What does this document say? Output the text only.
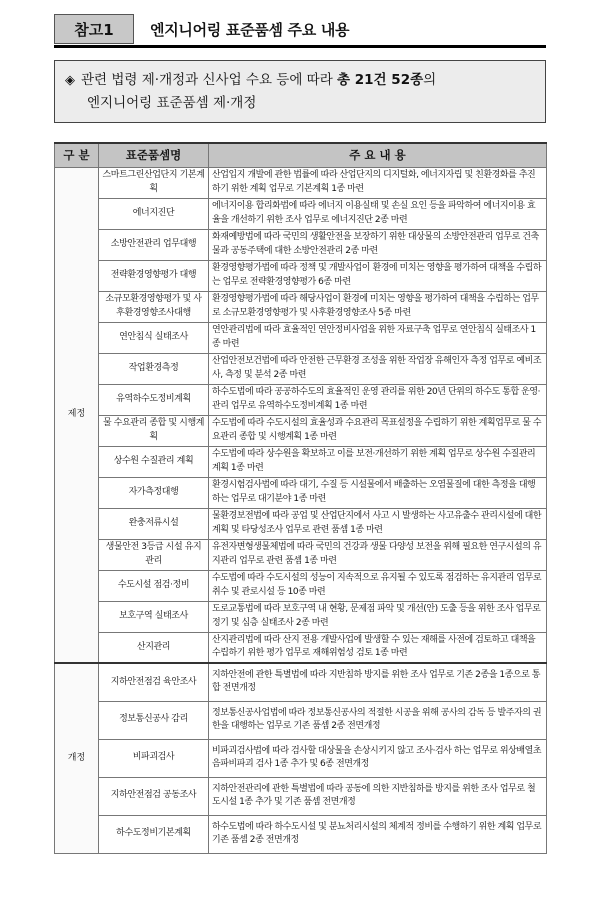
참고1	엔지니어링 표준품셈 주요 내용
◈ 관련 법령 제·개정과 신사업 수요 등에 따라 총 21건 52종의
엔지니어링 표준품셈 제·개정
구 분	표준품셈명	주 요 내 용
제정	스마트그린산업단지 기본계획	산업입지 개발에 관한 법률에 따라 산업단지의 디지털화, 에너지자립 및 친환경화를 추진하기 위한 계획 업무로 기본계획 1종 마련
	에너지진단	에너지이용 합리화법에 따라 에너지 이용실태 및 손실 요인 등을 파악하여 에너지이용 효율을 개선하기 위한 조사 업무로 에너지진단 2종 마련
	소방안전관리 업무대행	화재예방법에 따라 국민의 생활안전을 보장하기 위한 대상물의 소방안전관리 업무로 건축물과 공동주택에 대한 소방안전관리 2종 마련
	전략환경영향평가 대행	환경영향평가법에 따라 정책 및 개발사업이 환경에 미치는 영향을 평가하여 대책을 수립하는 업무로 전략환경영향평가 6종 마련
	소규모환경영향평가 및 사후환경영향조사대행	환경영향평가법에 따라 해당사업이 환경에 미치는 영향을 평가하여 대책을 수립하는 업무로 소규모환경영향평가 및 사후환경영향조사 5종 마련
	연안침식 실태조사	연안관리법에 따라 효율적인 연안정비사업을 위한 자료구축 업무로 연안침식 실태조사 1종 마련
	작업환경측정	산업안전보건법에 따라 안전한 근무환경 조성을 위한 작업장 유해인자 측정 업무로 예비조사, 측정 및 분석 2종 마련
	유역하수도정비계획	하수도법에 따라 공공하수도의 효율적인 운영 관리를 위한 20년 단위의 하수도 통합 운영·관리 업무로 유역하수도정비계획 1종 마련
	물 수요관리 종합 및 시행계획	수도법에 따라 수도시설의 효율성과 수요관리 목표설정을 수립하기 위한 계획업무로 물 수요관리 종합 및 시행계획 1종 마련
	상수원 수질관리 계획	수도법에 따라 상수원을 확보하고 이를 보전·개선하기 위한 계획 업무로 상수원 수질관리계획 1종 마련
	자가측정대행	환경시험검사법에 따라 대기, 수질 등 시설물에서 배출하는 오염물질에 대한 측정을 대행하는 업무로 대기분야 1종 마련
	완충저류시설	물환경보전법에 따라 공업 및 산업단지에서 사고 시 발생하는 사고유출수 관리시설에 대한 계획 및 타당성조사 업무로 관련 품셈 1종 마련
	생물안전 3등급 시설 유지관리	유전자변형생물체법에 따라 국민의 건강과 생물 다양성 보전을 위해 필요한 연구시설의 유지관리 업무로 관련 품셈 1종 마련
	수도시설 점검·정비	수도법에 따라 수도시설의 성능이 지속적으로 유지될 수 있도록 점검하는 유지관리 업무로 취수 및 관로시설 등 10종 마련
	보호구역 실태조사	도로교통법에 따라 보호구역 내 현황, 문제점 파악 및 개선(안) 도출 등을 위한 조사 업무로 정기 및 심층 실태조사 2종 마련
	산지관리	산지관리법에 따라 산지 전용 개발사업에 발생할 수 있는 재해를 사전에 검토하고 대책을 수립하기 위한 평가 업무로 재해위험성 검토 1종 마련
개정	지하안전점검 육안조사	지하안전에 관한 특별법에 따라 지반침하 방지를 위한 조사 업무로 기존 2종을 1종으로 통합 전면개정
	정보통신공사 감리	정보통신공사업법에 따라 정보통신공사의 적절한 시공을 위해 공사의 감독 등 발주자의 권한을 대행하는 업무로 기존 품셈 2종 전면개정
	비파괴검사	비파괴검사법에 따라 검사할 대상물을 손상시키지 않고 조사·검사 하는 업무로 위상배열초음파비파괴 검사 1종 추가 및 6종 전면개정
	지하안전점검 공동조사	지하안전관리에 관한 특별법에 따라 공동에 의한 지반침하를 방지를 위한 조사 업무로 철도시설 1종 추가 및 기존 품셈 전면개정
	하수도정비기본계획	하수도법에 따라 하수도시설 및 분뇨처리시설의 체계적 정비를 수행하기 위한 계획 업무로 기존 품셈 2종 전면개정
